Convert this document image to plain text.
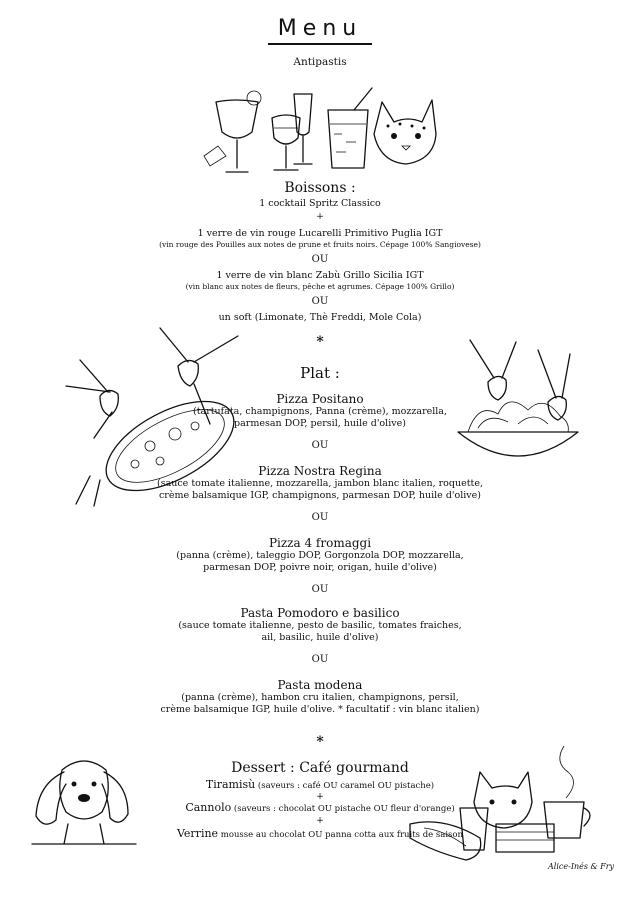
Menu
Antipastis
Boissons :
1 cocktail Spritz Classico
+
1 verre de vin rouge Lucarelli Primitivo Puglia IGT
(vin rouge des Pouilles aux notes de prune et fruits noirs. Cépage 100% Sangiovese)
OU
1 verre de vin blanc Zabù Grillo Sicilia IGT
(vin blanc aux notes de fleurs, pêche et agrumes. Cépage 100% Grillo)
OU
un soft (Limonate, Thè Freddi, Mole Cola)
*
Plat :
Pizza Positano
(tartufata, champignons, Panna (crème), mozzarella,
parmesan DOP, persil, huile d'olive)
OU
Pizza Nostra Regina
(sauce tomate italienne, mozzarella, jambon blanc italien, roquette,
crème balsamique IGP, champignons, parmesan DOP, huile d'olive)
OU
Pizza 4 fromaggi
(panna (crème), taleggio DOP, Gorgonzola DOP, mozzarella,
parmesan DOP, poivre noir, origan, huile d'olive)
OU
Pasta Pomodoro e basilico
(sauce tomate italienne, pesto de basilic, tomates fraiches,
ail, basilic, huile d'olive)
OU
Pasta modena
(panna (crème), hambon cru italien, champignons, persil,
crème balsamique IGP, huile d'olive. * facultatif : vin blanc italien)
*
Dessert : Café gourmand
Tiramisù (saveurs : café OU caramel OU pistache)
+
Cannolo (saveurs : chocolat OU pistache OU fleur d'orange)
+
Verrine mousse au chocolat OU panna cotta aux fruits de saison
Alice-Inés & Fry
